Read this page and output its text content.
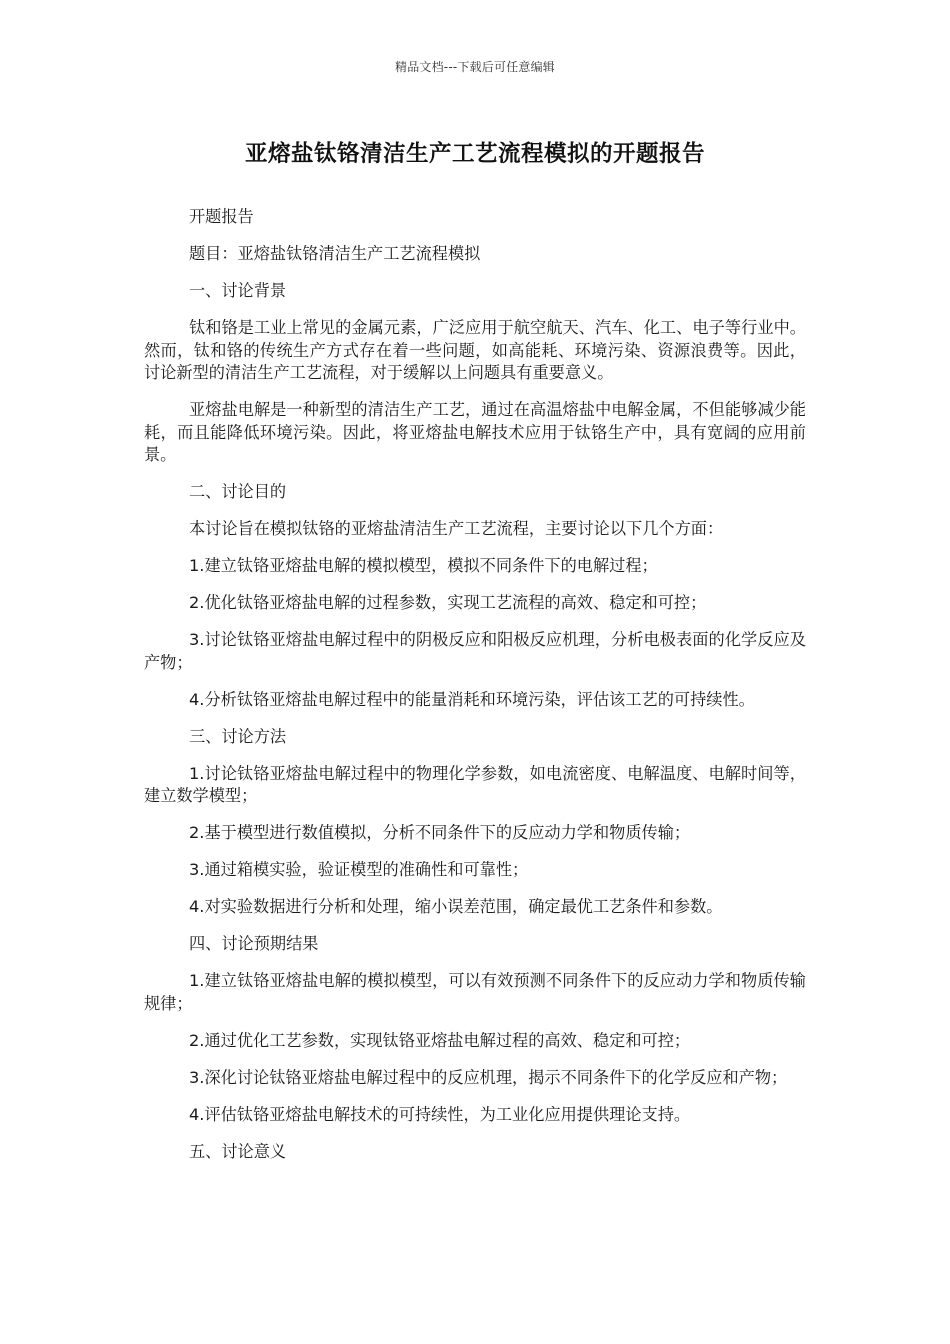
精品文档---下载后可任意编辑
亚熔盐钛铬清洁生产工艺流程模拟的开题报告

开题报告

题目：亚熔盐钛铬清洁生产工艺流程模拟

一、讨论背景

钛和铬是工业上常见的金属元素，广泛应用于航空航天、汽车、化工、电子等行业中。然而，钛和铬的传统生产方式存在着一些问题，如高能耗、环境污染、资源浪费等。因此，讨论新型的清洁生产工艺流程，对于缓解以上问题具有重要意义。

亚熔盐电解是一种新型的清洁生产工艺，通过在高温熔盐中电解金属，不但能够减少能耗，而且能降低环境污染。因此，将亚熔盐电解技术应用于钛铬生产中，具有宽阔的应用前景。

二、讨论目的

本讨论旨在模拟钛铬的亚熔盐清洁生产工艺流程，主要讨论以下几个方面：

1.建立钛铬亚熔盐电解的模拟模型，模拟不同条件下的电解过程；

2.优化钛铬亚熔盐电解的过程参数，实现工艺流程的高效、稳定和可控；

3.讨论钛铬亚熔盐电解过程中的阴极反应和阳极反应机理，分析电极表面的化学反应及产物；

4.分析钛铬亚熔盐电解过程中的能量消耗和环境污染，评估该工艺的可持续性。

三、讨论方法

1.讨论钛铬亚熔盐电解过程中的物理化学参数，如电流密度、电解温度、电解时间等，建立数学模型；

2.基于模型进行数值模拟，分析不同条件下的反应动力学和物质传输；

3.通过箱模实验，验证模型的准确性和可靠性；

4.对实验数据进行分析和处理，缩小误差范围，确定最优工艺条件和参数。

四、讨论预期结果

1.建立钛铬亚熔盐电解的模拟模型，可以有效预测不同条件下的反应动力学和物质传输规律；

2.通过优化工艺参数，实现钛铬亚熔盐电解过程的高效、稳定和可控；

3.深化讨论钛铬亚熔盐电解过程中的反应机理，揭示不同条件下的化学反应和产物；

4.评估钛铬亚熔盐电解技术的可持续性，为工业化应用提供理论支持。

五、讨论意义
